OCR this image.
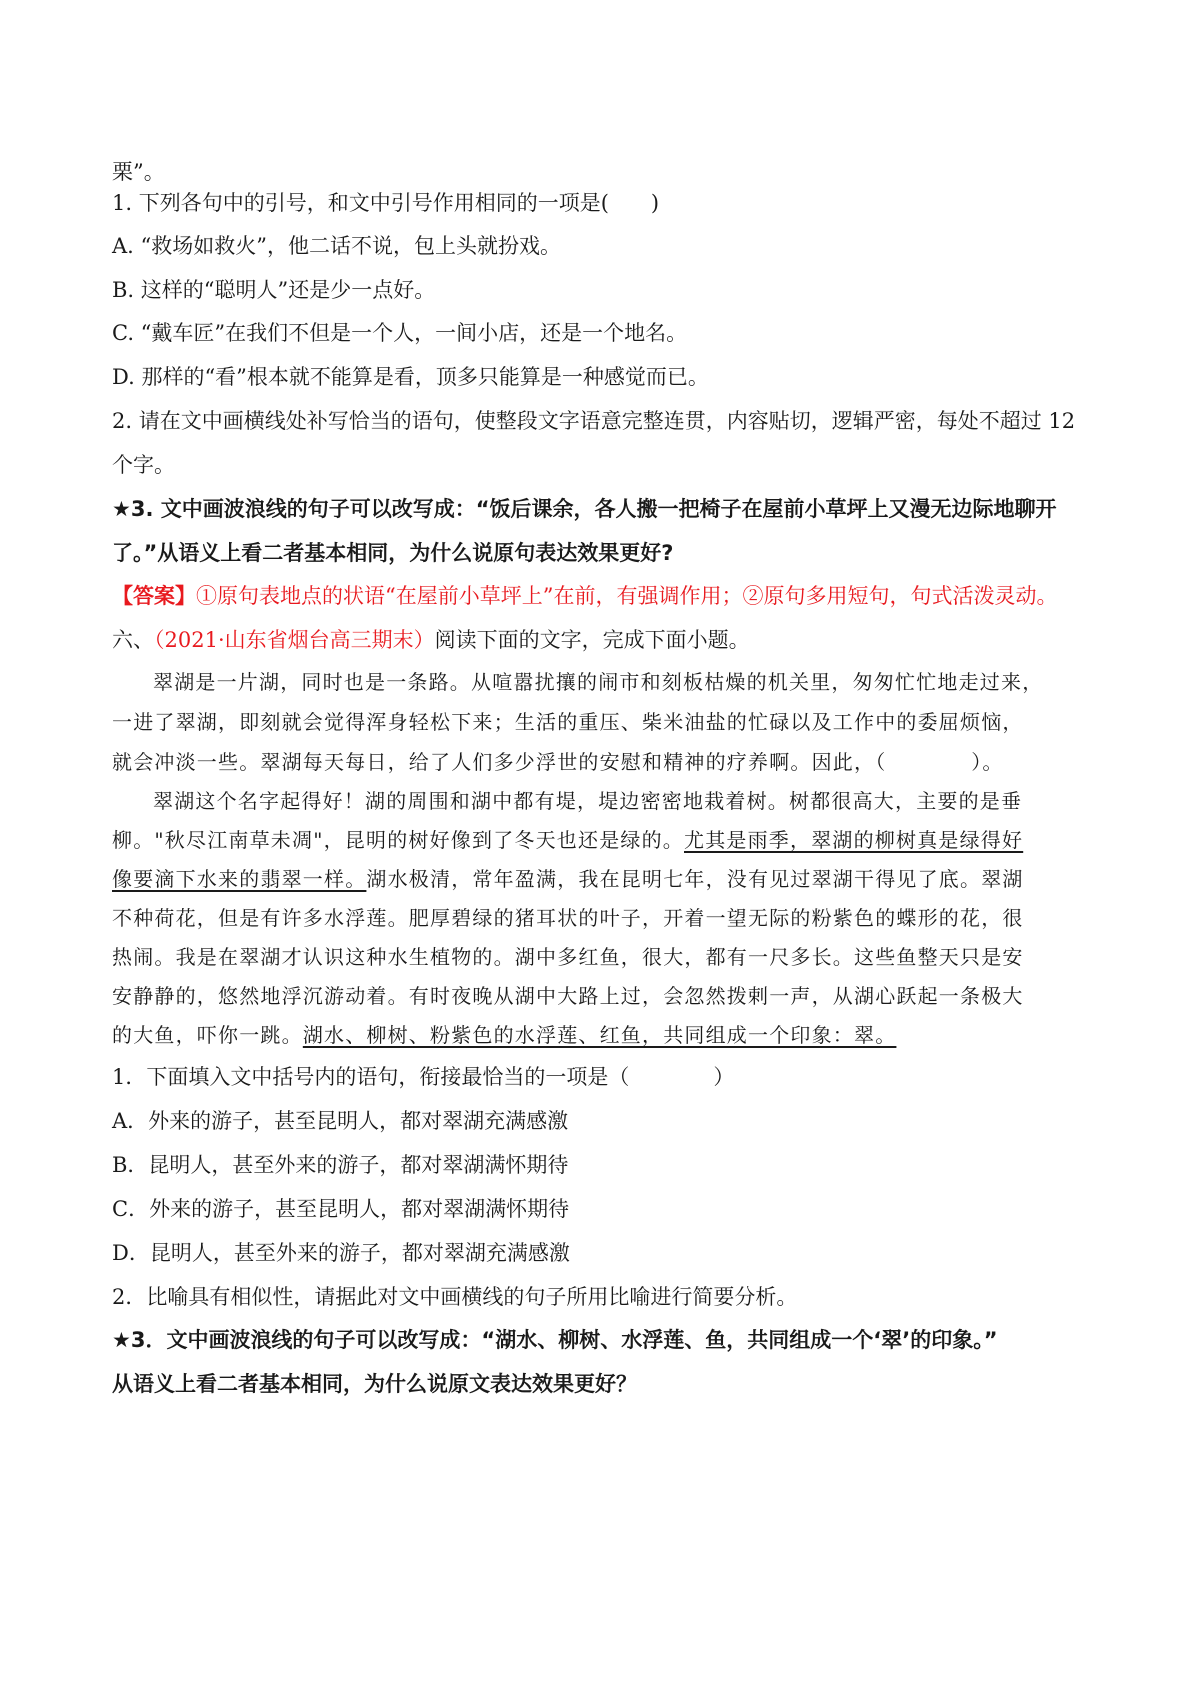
栗”。
1. 下列各句中的引号，和文中引号作用相同的一项是(　　)
A. “救场如救火”，他二话不说，包上头就扮戏。
B. 这样的“聪明人”还是少一点好。
C. “戴车匠”在我们不但是一个人，一间小店，还是一个地名。
D. 那样的“看”根本就不能算是看，顶多只能算是一种感觉而已。
2. 请在文中画横线处补写恰当的语句，使整段文字语意完整连贯，内容贴切，逻辑严密，每处不超过 12
个字。
★3. 文中画波浪线的句子可以改写成：“饭后课余，各人搬一把椅子在屋前小草坪上又漫无边际地聊开
了。”从语义上看二者基本相同，为什么说原句表达效果更好?
【答案】①原句表地点的状语“在屋前小草坪上”在前，有强调作用；②原句多用短句，句式活泼灵动。
六、（2021·山东省烟台高三期末）阅读下面的文字，完成下面小题。
翠湖是一片湖，同时也是一条路。从喧嚣扰攘的闹市和刻板枯燥的机关里，匆匆忙忙地走过来，
一进了翠湖，即刻就会觉得浑身轻松下来；生活的重压、柴米油盐的忙碌以及工作中的委屈烦恼，
就会冲淡一些。翠湖每天每日，给了人们多少浮世的安慰和精神的疗养啊。因此，（　　　　）。
翠湖这个名字起得好！湖的周围和湖中都有堤，堤边密密地栽着树。树都很高大，主要的是垂
柳。"秋尽江南草未凋"，昆明的树好像到了冬天也还是绿的。尤其是雨季，翠湖的柳树真是绿得好
像要滴下水来的翡翠一样。湖水极清，常年盈满，我在昆明七年，没有见过翠湖干得见了底。翠湖
不种荷花，但是有许多水浮莲。肥厚碧绿的猪耳状的叶子，开着一望无际的粉紫色的蝶形的花，很
热闹。我是在翠湖才认识这种水生植物的。湖中多红鱼，很大，都有一尺多长。这些鱼整天只是安
安静静的，悠然地浮沉游动着。有时夜晚从湖中大路上过，会忽然拨剌一声，从湖心跃起一条极大
的大鱼，吓你一跳。湖水、柳树、粉紫色的水浮莲、红鱼，共同组成一个印象：翠。
1．下面填入文中括号内的语句，衔接最恰当的一项是（　　　　）
A．外来的游子，甚至昆明人，都对翠湖充满感激
B．昆明人，甚至外来的游子，都对翠湖满怀期待
C．外来的游子，甚至昆明人，都对翠湖满怀期待
D．昆明人，甚至外来的游子，都对翠湖充满感激
2．比喻具有相似性，请据此对文中画横线的句子所用比喻进行简要分析。
★3．文中画波浪线的句子可以改写成：“湖水、柳树、水浮莲、鱼，共同组成一个‘翠’的印象。”
从语义上看二者基本相同，为什么说原文表达效果更好？
